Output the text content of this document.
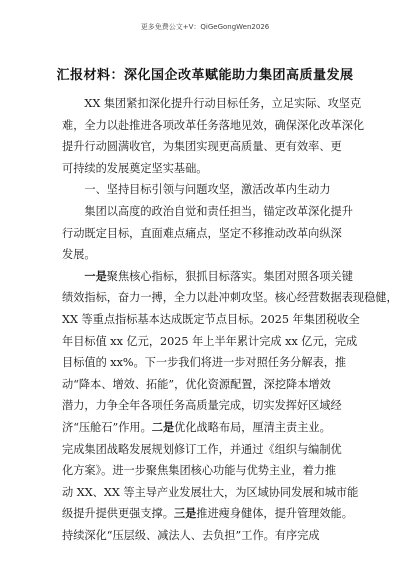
更多免费公文+V：QiGeGongWen2026
汇报材料：深化国企改革赋能助力集团高质量发展
　　XX 集团紧扣深化提升行动目标任务，立足实际、攻坚克
难，全力以赴推进各项改革任务落地见效，确保深化改革深化
提升行动圆满收官，为集团实现更高质量、更有效率、更
可持续的发展奠定坚实基础。
　　一、坚持目标引领与问题攻坚，激活改革内生动力
　　集团以高度的政治自觉和责任担当，锚定改革深化提升
行动既定目标，直面难点痛点，坚定不移推动改革向纵深
发展。
　　一是聚焦核心指标，狠抓目标落实。集团对照各项关键
绩效指标，奋力一搏，全力以赴冲刺攻坚。核心经营数据表现稳健，
XX 等重点指标基本达成既定节点目标。2025 年集团税收全
年目标值 xx 亿元，2025 年上半年累计完成 xx 亿元，完成
目标值的 xx%。下一步我们将进一步对照任务分解表，推
动“降本、增效、拓能”，优化资源配置，深挖降本增效
潜力，力争全年各项任务高质量完成，切实发挥好区域经
济“压舱石”作用。二是优化战略布局，厘清主责主业。
完成集团战略发展规划修订工作，并通过《组织与编制优
化方案》。进一步聚焦集团核心功能与优势主业，着力推
动 XX、XX 等主导产业发展壮大，为区域协同发展和城市能
级提升提供更强支撑。三是推进瘦身健体，提升管理效能。
持续深化“压层级、减法人、去负担”工作。有序完成
